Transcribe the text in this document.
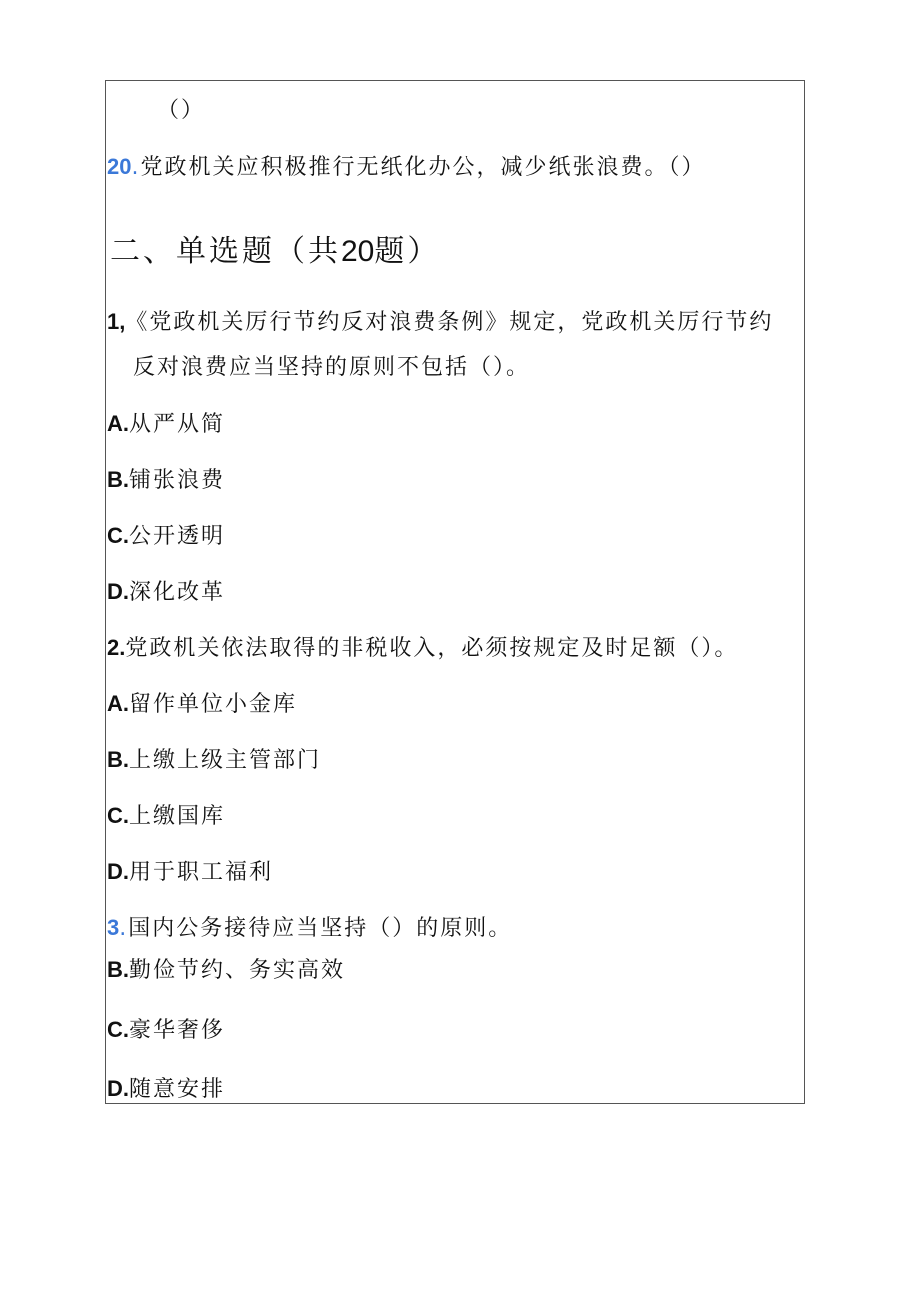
（）
20.党政机关应积极推行无纸化办公，减少纸张浪费。（）
二、单选题（共20题）
1,《党政机关厉行节约反对浪费条例》规定，党政机关厉行节约
反对浪费应当坚持的原则不包括（）。
A.从严从简
B.铺张浪费
C.公开透明
D.深化改革
2.党政机关依法取得的非税收入，必须按规定及时足额（）。
A.留作单位小金库
B.上缴上级主管部门
C.上缴国库
D.用于职工福利
3.国内公务接待应当坚持（）的原则。
B.勤俭节约、务实高效
C.豪华奢侈
D.随意安排
